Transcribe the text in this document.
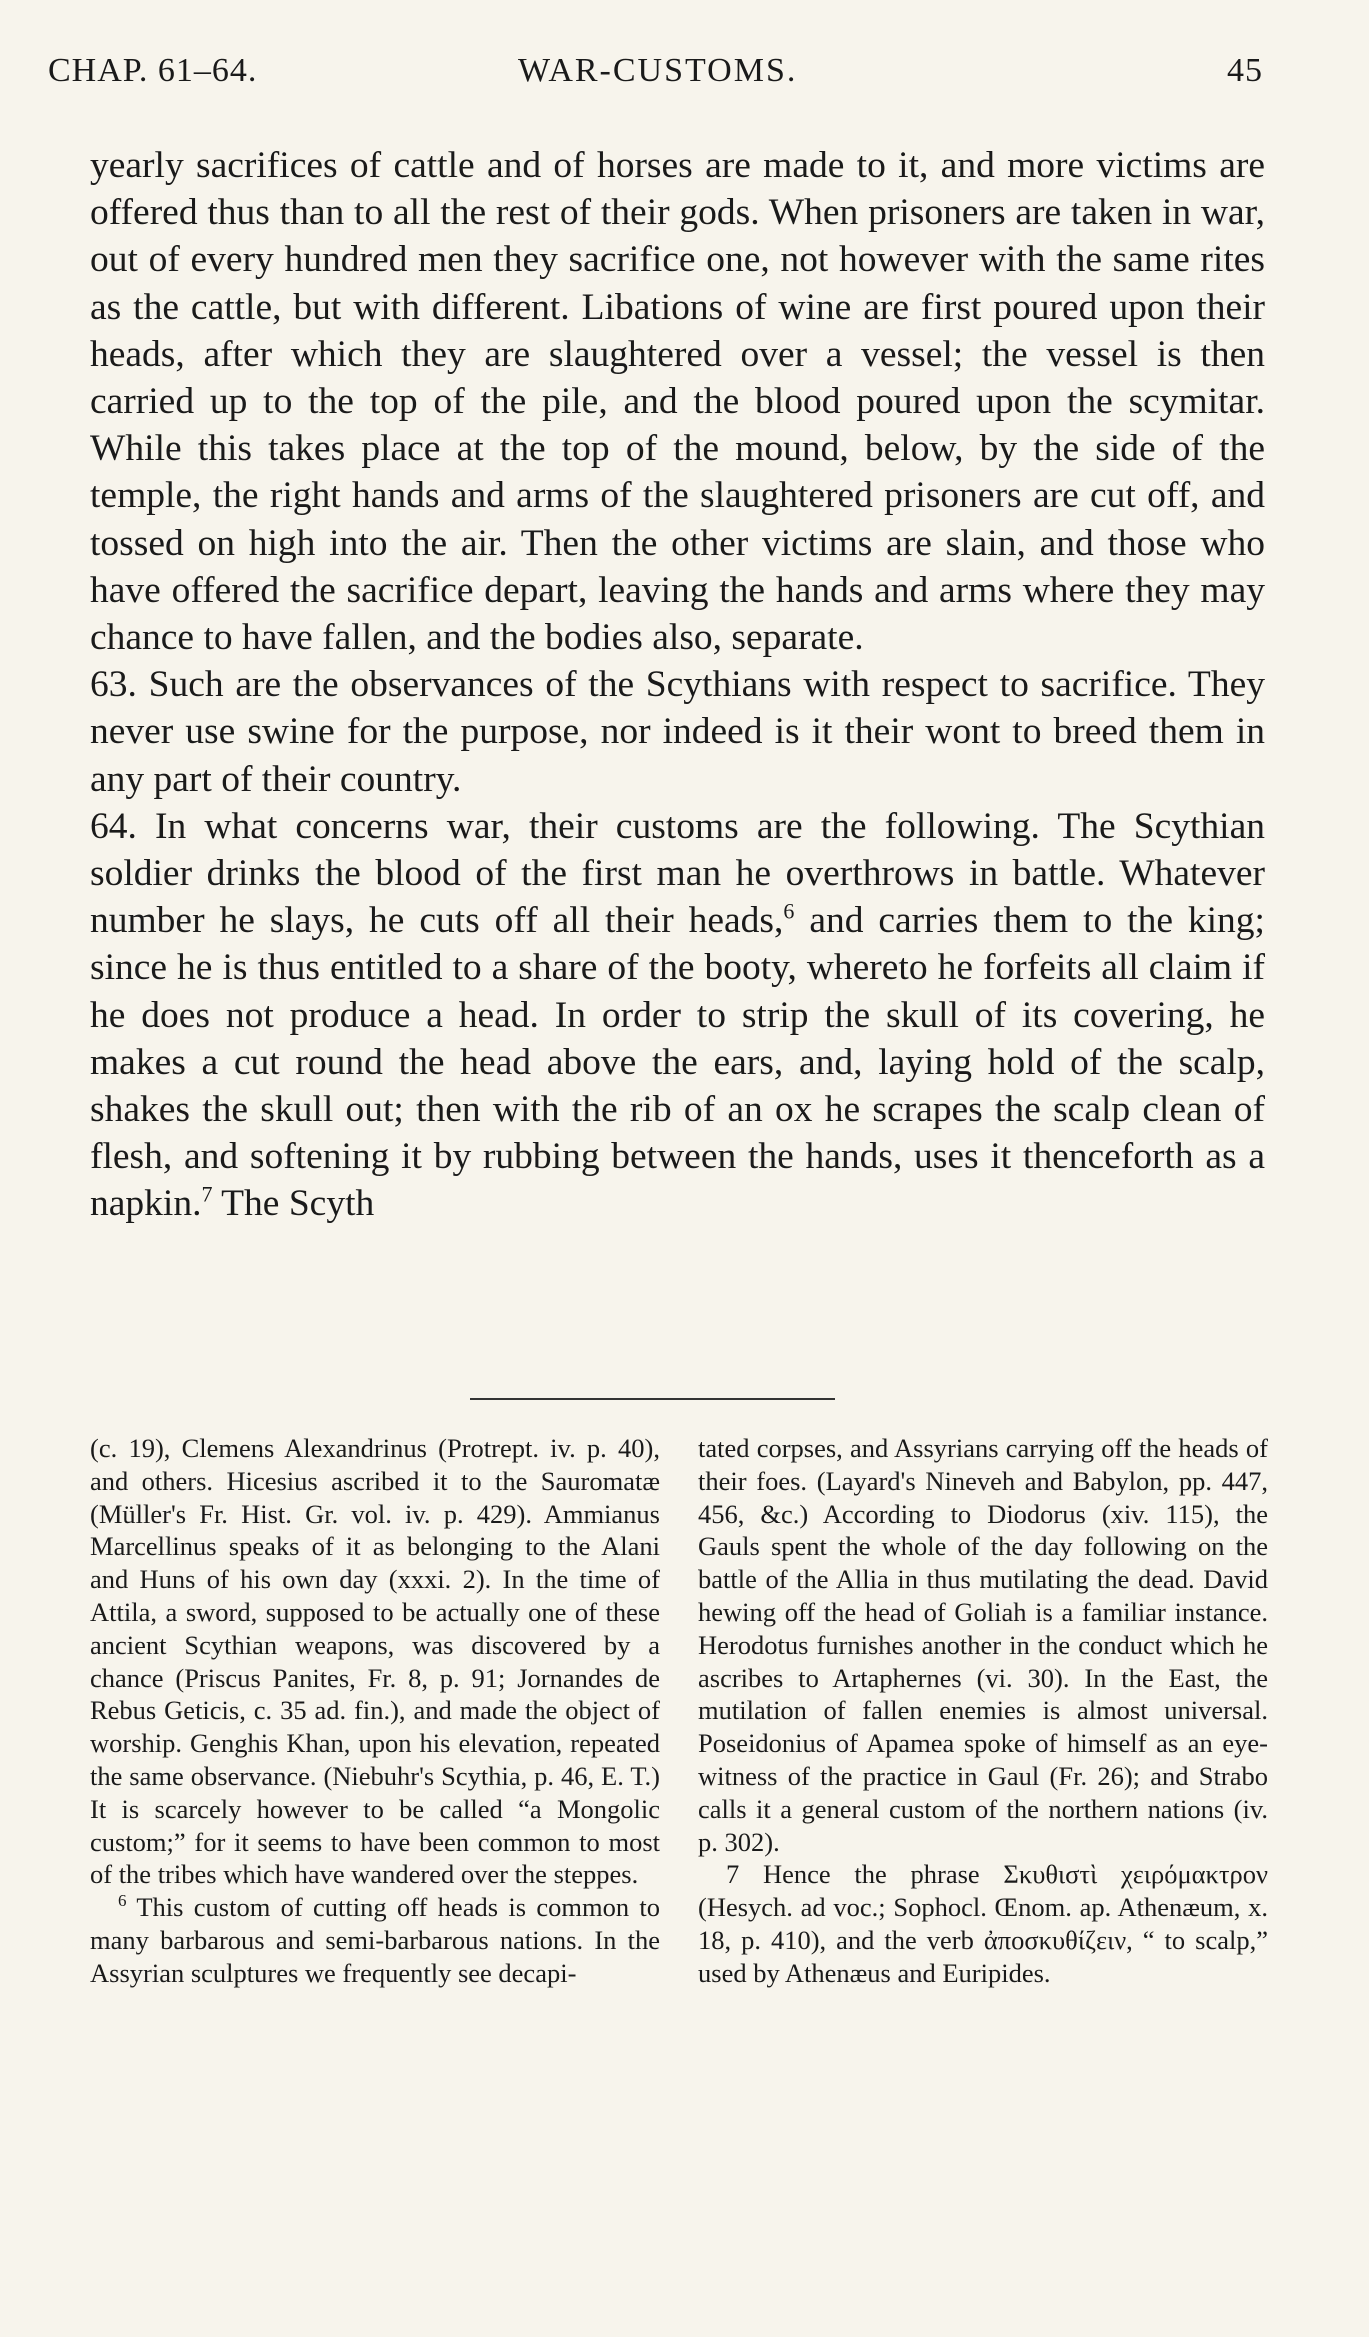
CHAP. 61–64.	WAR-CUSTOMS.	45

yearly sacrifices of cattle and of horses are made to it, and more victims are offered thus than to all the rest of their gods. When prisoners are taken in war, out of every hundred men they sacrifice one, not however with the same rites as the cattle, but with different. Libations of wine are first poured upon their heads, after which they are slaughtered over a vessel; the vessel is then carried up to the top of the pile, and the blood poured upon the scymitar. While this takes place at the top of the mound, below, by the side of the temple, the right hands and arms of the slaughtered prisoners are cut off, and tossed on high into the air. Then the other victims are slain, and those who have offered the sacrifice depart, leaving the hands and arms where they may chance to have fallen, and the bodies also, separate.

63. Such are the observances of the Scythians with respect to sacrifice. They never use swine for the purpose, nor indeed is it their wont to breed them in any part of their country.

64. In what concerns war, their customs are the following. The Scythian soldier drinks the blood of the first man he overthrows in battle. Whatever number he slays, he cuts off all their heads,$^6$ and carries them to the king; since he is thus entitled to a share of the booty, whereto he forfeits all claim if he does not produce a head. In order to strip the skull of its covering, he makes a cut round the head above the ears, and, laying hold of the scalp, shakes the skull out; then with the rib of an ox he scrapes the scalp clean of flesh, and softening it by rubbing between the hands, uses it thenceforth as a napkin.$^7$ The Scyth

(c. 19), Clemens Alexandrinus (Protrept. iv. p. 40), and others. Hicesius ascribed it to the Sauromatæ (Müller's Fr. Hist. Gr. vol. iv. p. 429). Ammianus Marcellinus speaks of it as belonging to the Alani and Huns of his own day (xxxi. 2). In the time of Attila, a sword, supposed to be actually one of these ancient Scythian weapons, was discovered by a chance (Priscus Panites, Fr. 8, p. 91; Jornandes de Rebus Geticis, c. 35 ad. fin.), and made the object of worship. Genghis Khan, upon his elevation, repeated the same observance. (Niebuhr's Scythia, p. 46, E. T.) It is scarcely however to be called “a Mongolic custom;” for it seems to have been common to most of the tribes which have wandered over the steppes.

$^6$ This custom of cutting off heads is common to many barbarous and semi-barbarous nations. In the Assyrian sculptures we frequently see decapi-

tated corpses, and Assyrians carrying off the heads of their foes. (Layard's Nineveh and Babylon, pp. 447, 456, &c.) According to Diodorus (xiv. 115), the Gauls spent the whole of the day following on the battle of the Allia in thus mutilating the dead. David hewing off the head of Goliah is a familiar instance. Herodotus furnishes another in the conduct which he ascribes to Artaphernes (vi. 30). In the East, the mutilation of fallen enemies is almost universal. Poseidonius of Apamea spoke of himself as an eye-witness of the practice in Gaul (Fr. 26); and Strabo calls it a general custom of the northern nations (iv. p. 302).

7 Hence the phrase Σκυθιστὶ χειρόμακτρον (Hesych. ad voc.; Sophocl. Œnom. ap. Athenæum, x. 18, p. 410), and the verb ἀποσκυθίζειν, “ to scalp,” used by Athenæus and Euripides.
